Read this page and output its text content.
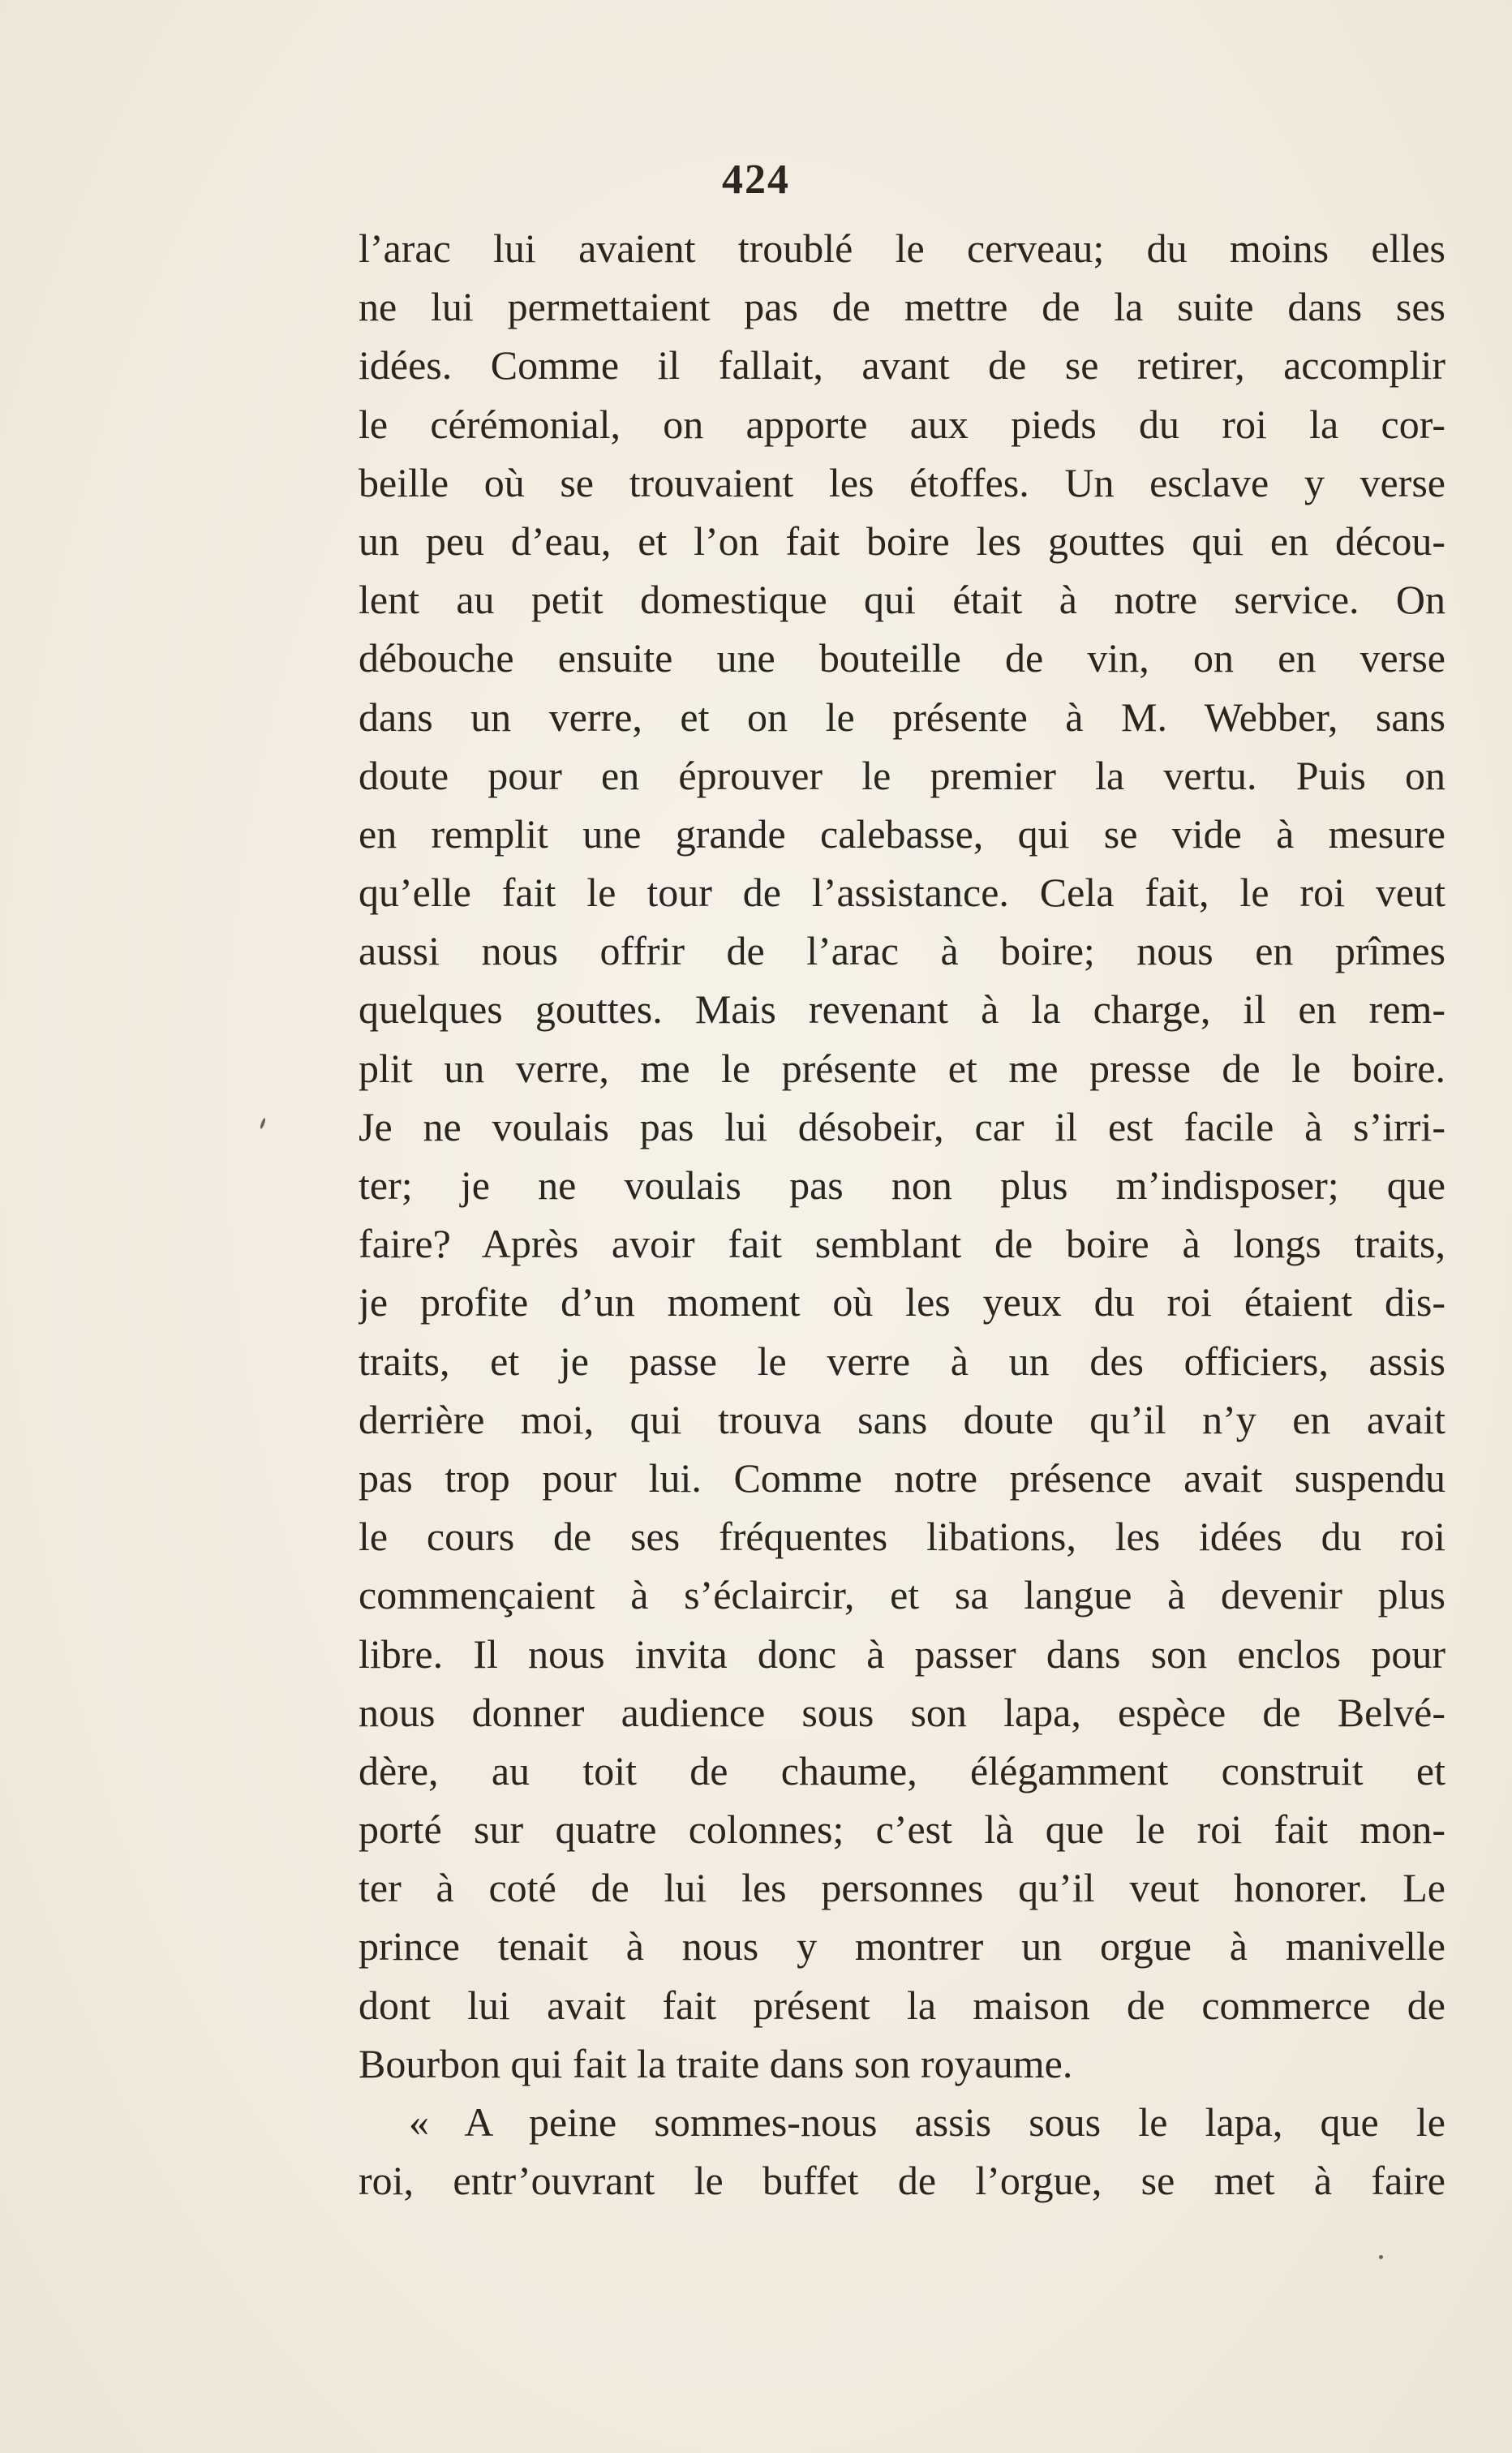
424
l’arac lui avaient troublé le cerveau; du moins elles
ne lui permettaient pas de mettre de la suite dans ses
idées. Comme il fallait, avant de se retirer, accomplir
le cérémonial, on apporte aux pieds du roi la cor-
beille où se trouvaient les étoffes. Un esclave y verse
un peu d’eau, et l’on fait boire les gouttes qui en décou-
lent au petit domestique qui était à notre service. On
débouche ensuite une bouteille de vin, on en verse
dans un verre, et on le présente à M. Webber, sans
doute pour en éprouver le premier la vertu. Puis on
en remplit une grande calebasse, qui se vide à mesure
qu’elle fait le tour de l’assistance. Cela fait, le roi veut
aussi nous offrir de l’arac à boire; nous en prîmes
quelques gouttes. Mais revenant à la charge, il en rem-
plit un verre, me le présente et me presse de le boire.
Je ne voulais pas lui désobeir, car il est facile à s’irri-
ter; je ne voulais pas non plus m’indisposer; que
faire? Après avoir fait semblant de boire à longs traits,
je profite d’un moment où les yeux du roi étaient dis-
traits, et je passe le verre à un des officiers, assis
derrière moi, qui trouva sans doute qu’il n’y en avait
pas trop pour lui. Comme notre présence avait suspendu
le cours de ses fréquentes libations, les idées du roi
commençaient à s’éclaircir, et sa langue à devenir plus
libre. Il nous invita donc à passer dans son enclos pour
nous donner audience sous son lapa, espèce de Belvé-
dère, au toit de chaume, élégamment construit et
porté sur quatre colonnes; c’est là que le roi fait mon-
ter à coté de lui les personnes qu’il veut honorer. Le
prince tenait à nous y montrer un orgue à manivelle
dont lui avait fait présent la maison de commerce de
Bourbon qui fait la traite dans son royaume.
« A peine sommes-nous assis sous le lapa, que le
roi, entr’ouvrant le buffet de l’orgue, se met à faire
